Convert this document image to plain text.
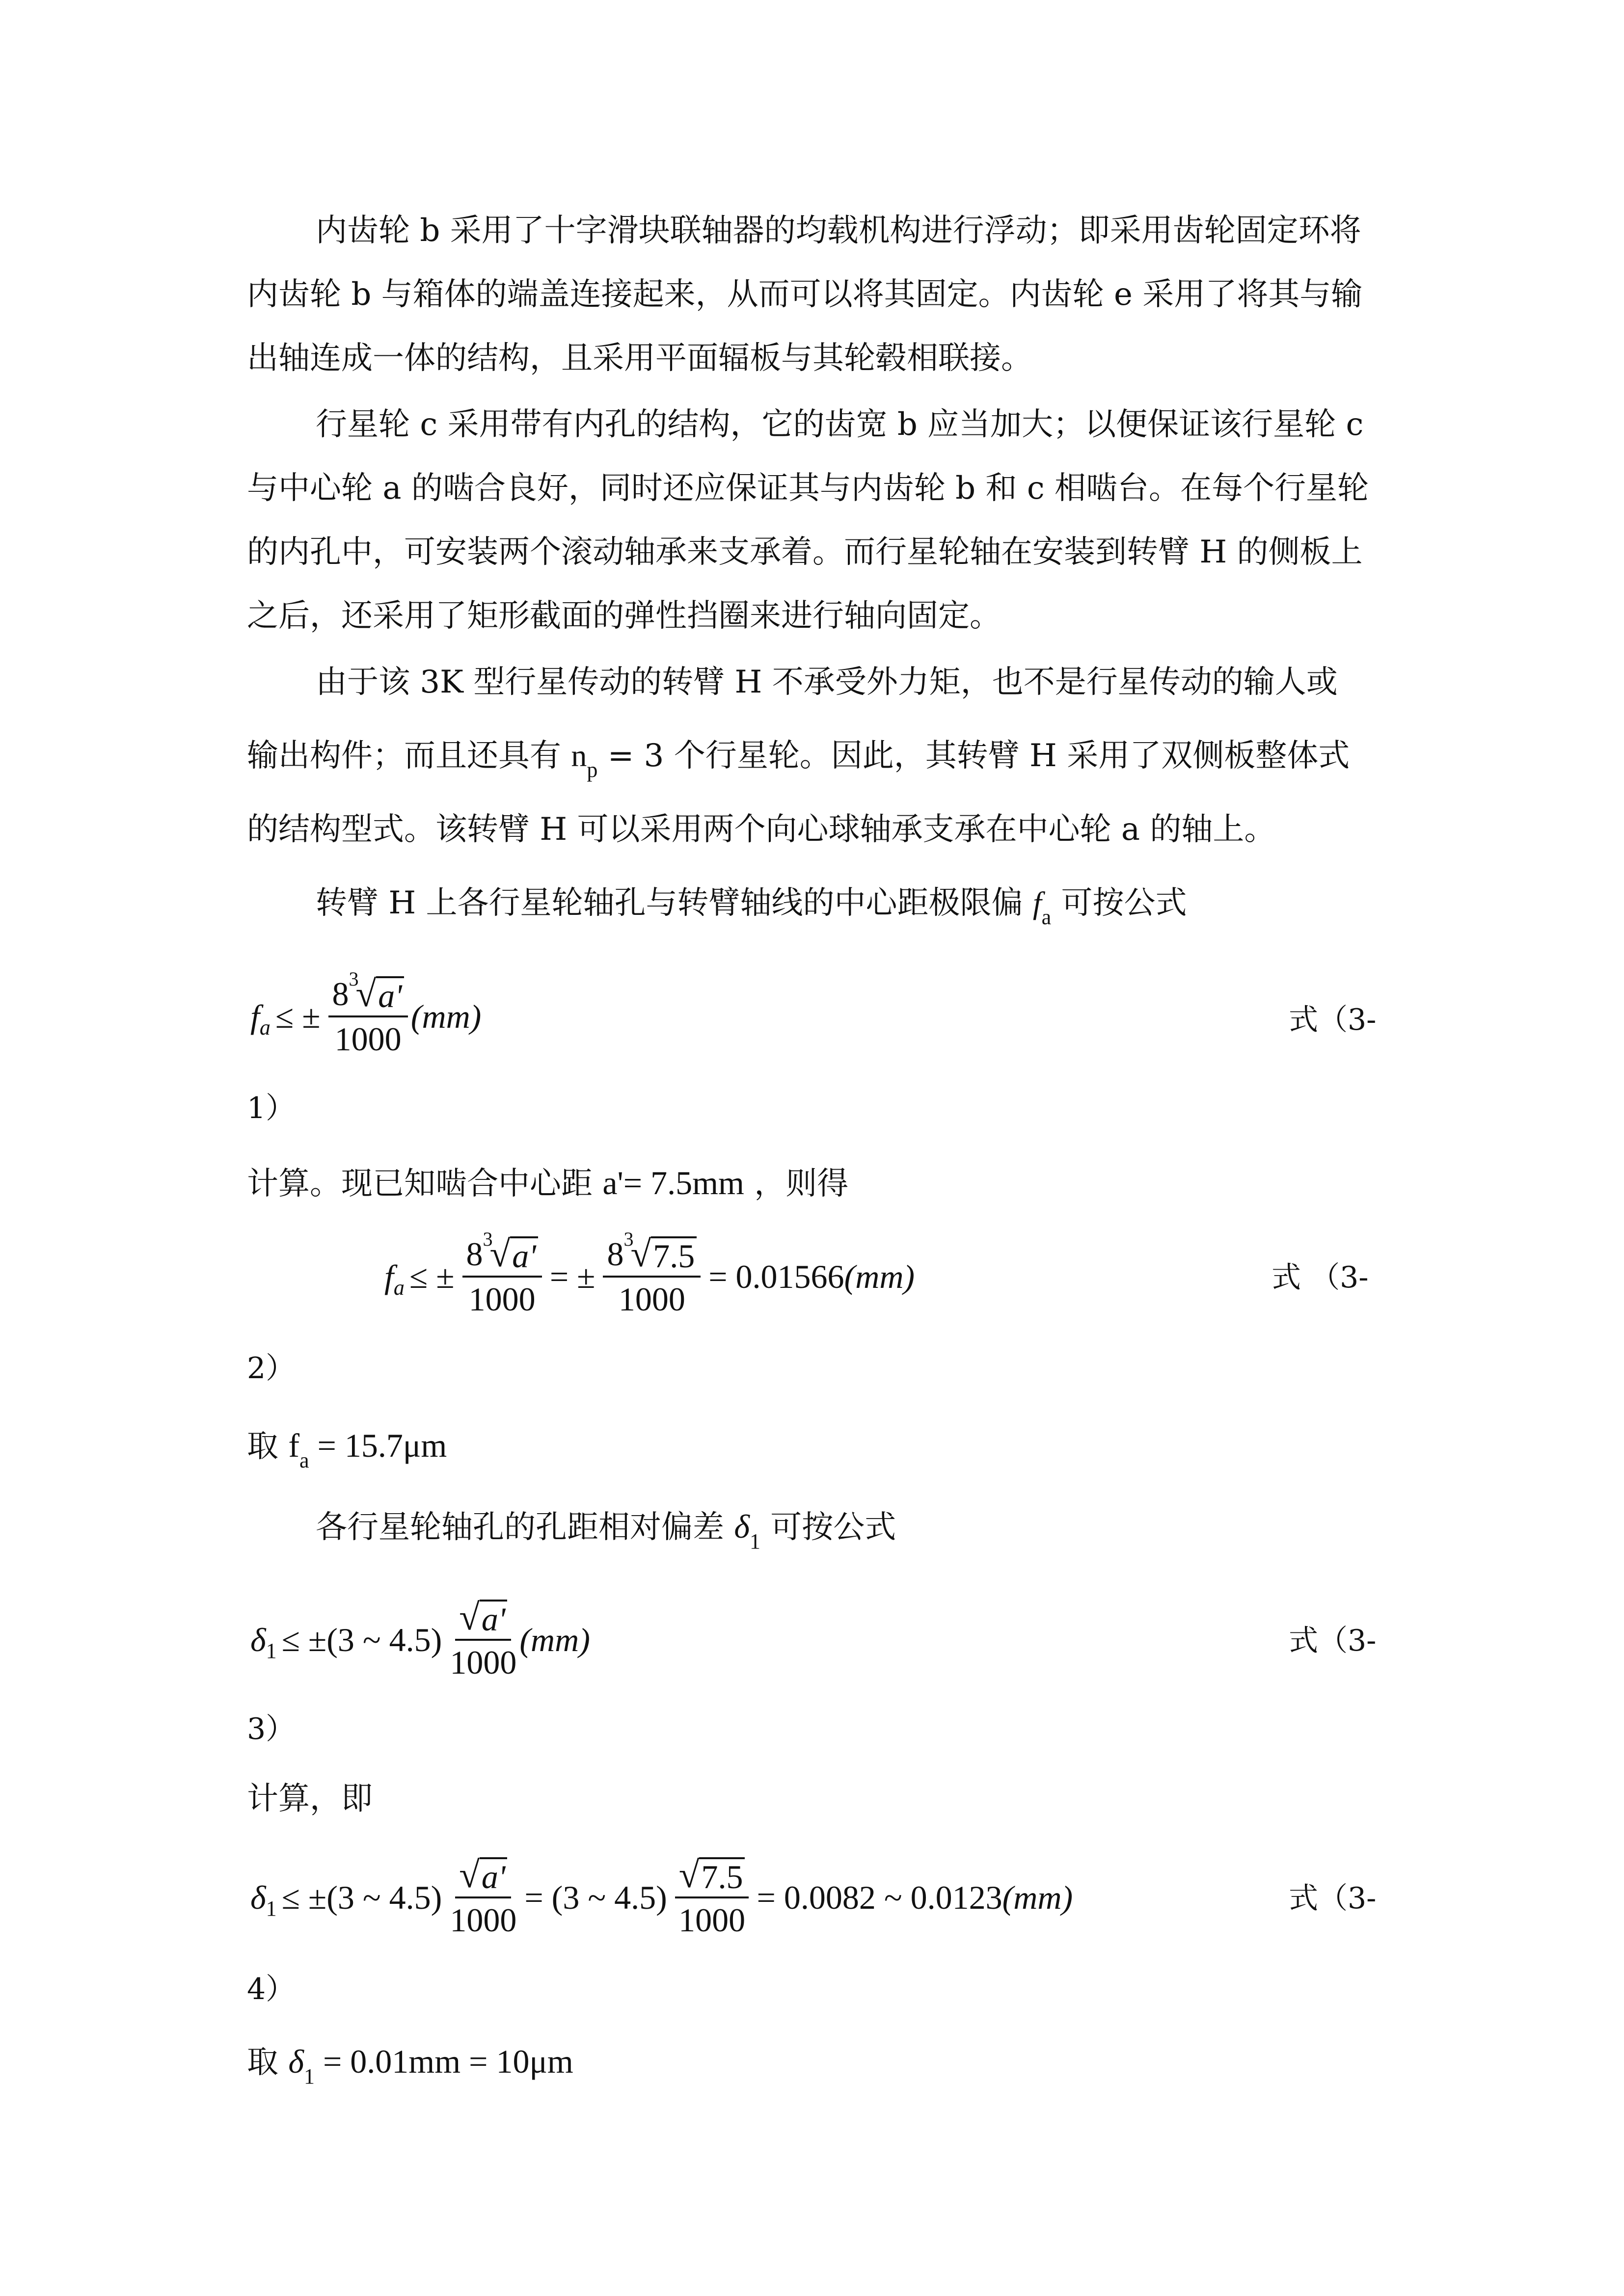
内齿轮 b 采用了十字滑块联轴器的均载机构进行浮动；即采用齿轮固定环将内齿轮 b 与箱体的端盖连接起来，从而可以将其固定。内齿轮 e 采用了将其与输出轴连成一体的结构，且采用平面辐板与其轮毂相联接。
行星轮 c 采用带有内孔的结构，它的齿宽 b 应当加大；以便保证该行星轮 c 与中心轮 a 的啮合良好，同时还应保证其与内齿轮 b 和 c 相啮台。在每个行星轮的内孔中，可安装两个滚动轴承来支承着。而行星轮轴在安装到转臂 H 的侧板上之后，还采用了矩形截面的弹性挡圈来进行轴向固定。
由于该 3K 型行星传动的转臂 H 不承受外力矩，也不是行星传动的输人或
输出构件；而且还具有 $n_p = 3$ 个行星轮。因此，其转臂 H 采用了双侧板整体式
的结构型式。该转臂 H 可以采用两个向心球轴承支承在中心轮 a 的轴上。
转臂 H 上各行星轮轴孔与转臂轴线的中心距极限偏 $f_a$ 可按公式
f a ≤ ± 8 3
√ a'
1000 (mm)	式（3-
1）
计算。现已知啮合中心距 a'= 7.5mm ，则得
f a ≤ ± 8 3
√ a'
1000 = ± 8 3
√ 7.5
1000 = 0.01566 (mm)	式 （3-
2）
取 $f_a = 15.7\mu m$
各行星轮轴孔的孔距相对偏差 $\delta_1$ 可按公式
δ 1 ≤ ±(3 ~ $4.5) \frac{√ a'}{1000} (mm)$	式（3-
3）
计算，即
δ 1 ≤ ±(3 ~ $4.5) \frac{√ a'}{1000} = (3$ ~ $4.5) \frac{√ 7.5}{1000} = 0.0082$ ~ 0.0123 (mm)	式（3-
4）
取 $\delta_1 = 0.01mm = 10\mu m$
